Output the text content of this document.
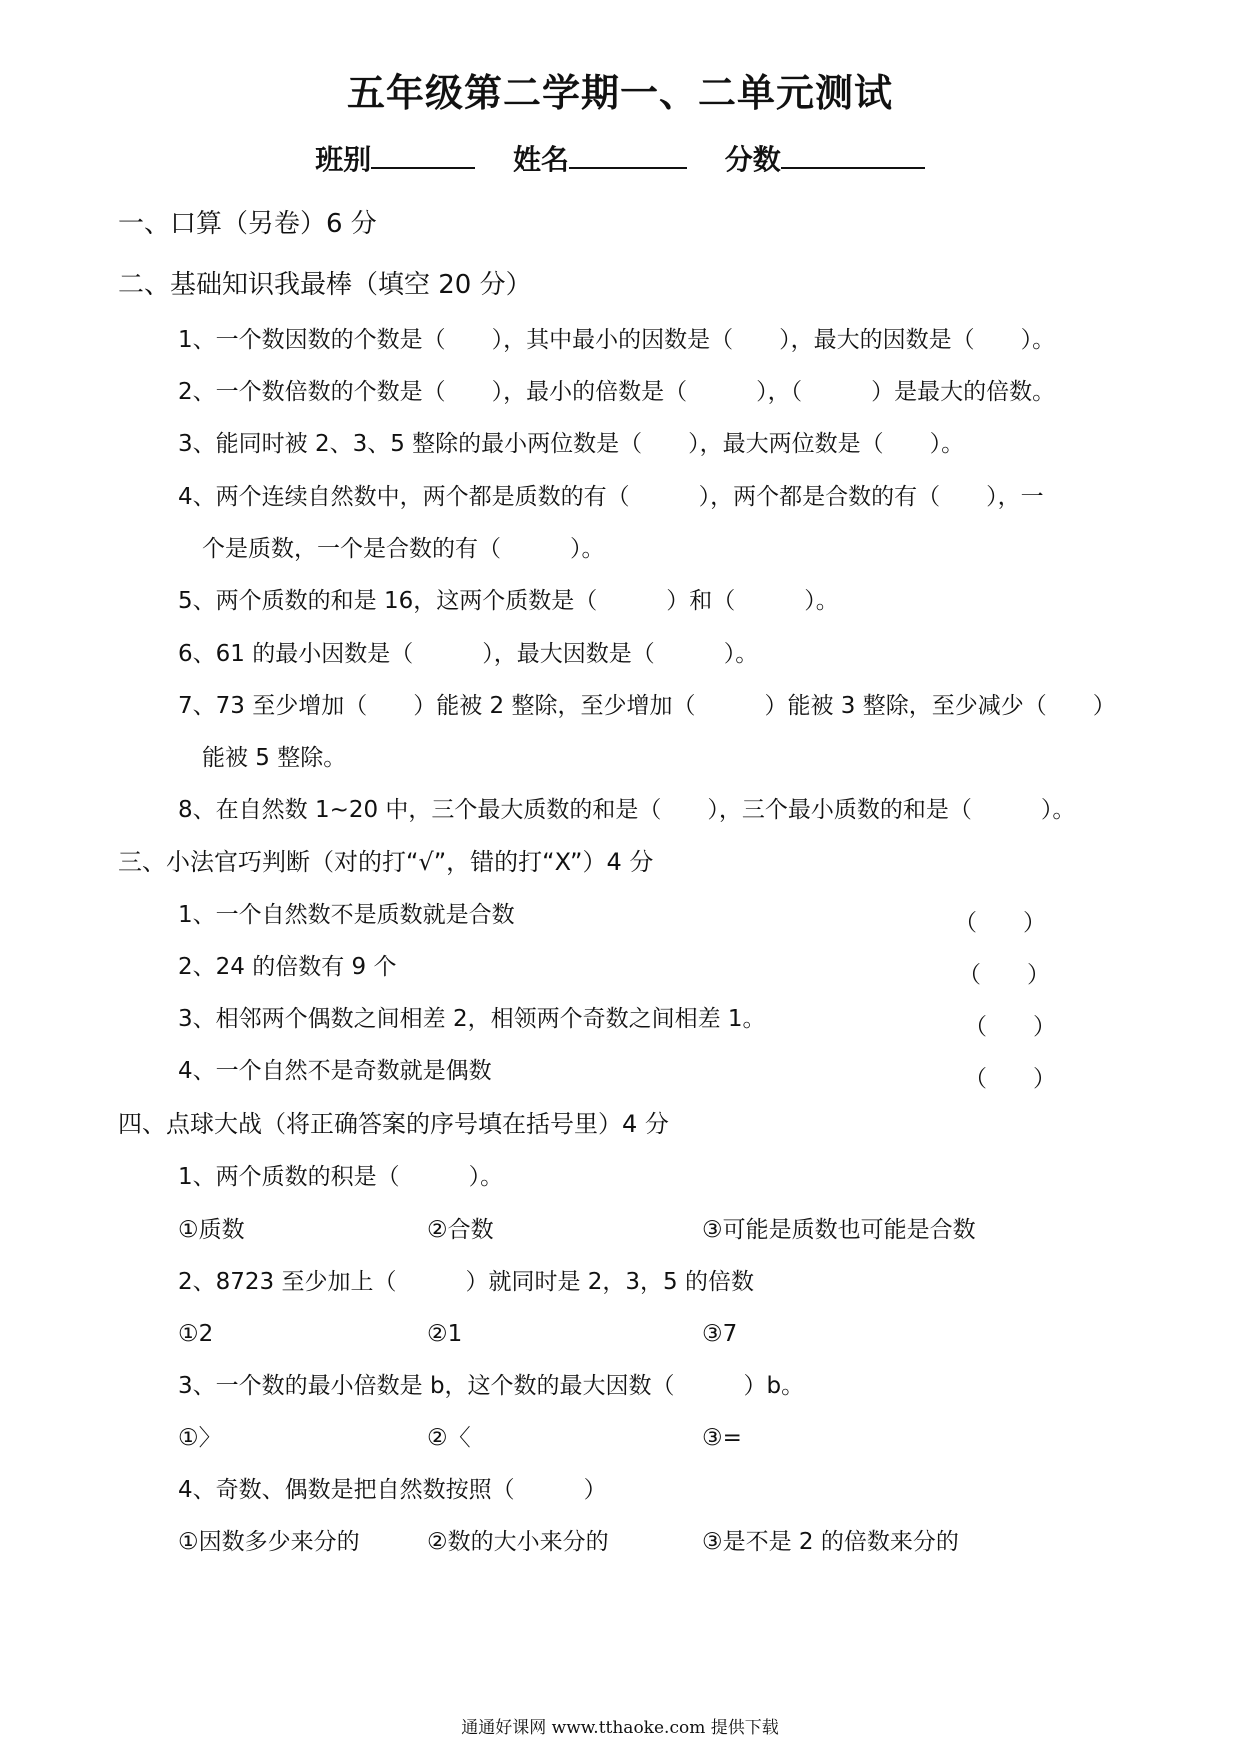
五年级第二学期一、二单元测试
班别	姓名	分数
一、口算（另卷）6 分
二、基础知识我最棒（填空 20 分）
1、一个数因数的个数是（　　），其中最小的因数是（　　），最大的因数是（　　）。
2、一个数倍数的个数是（　　），最小的倍数是（　　　），（　　　）是最大的倍数。
3、能同时被 2、3、5 整除的最小两位数是（　　），最大两位数是（　　）。
4、两个连续自然数中，两个都是质数的有（　　　），两个都是合数的有（　　），一
个是质数，一个是合数的有（　　　）。
5、两个质数的和是 16，这两个质数是（　　　）和（　　　）。
6、61 的最小因数是（　　　），最大因数是（　　　）。
7、73 至少增加（　　）能被 2 整除，至少增加（　　　）能被 3 整除，至少减少（　　）
能被 5 整除。
8、在自然数 1~20 中，三个最大质数的和是（　　），三个最小质数的和是（　　　）。
三、小法官巧判断（对的打“√”，错的打“X”）4 分
1、一个自然数不是质数就是合数	（　　）
2、24 的倍数有 9 个	（　　）
3、相邻两个偶数之间相差 2，相领两个奇数之间相差 1。	（　　）
4、一个自然不是奇数就是偶数	（　　）
四、点球大战（将正确答案的序号填在括号里）4 分
1、两个质数的积是（　　　）。
①质数	②合数	③可能是质数也可能是合数
2、8723 至少加上（　　　）就同时是 2，3，5 的倍数
①2	②1	③7
3、一个数的最小倍数是 b，这个数的最大因数（　　　）b。
①〉	②〈	③=
4、奇数、偶数是把自然数按照（　　　）
①因数多少来分的	②数的大小来分的	③是不是 2 的倍数来分的
通通好课网 www.tthaoke.com 提供下载
